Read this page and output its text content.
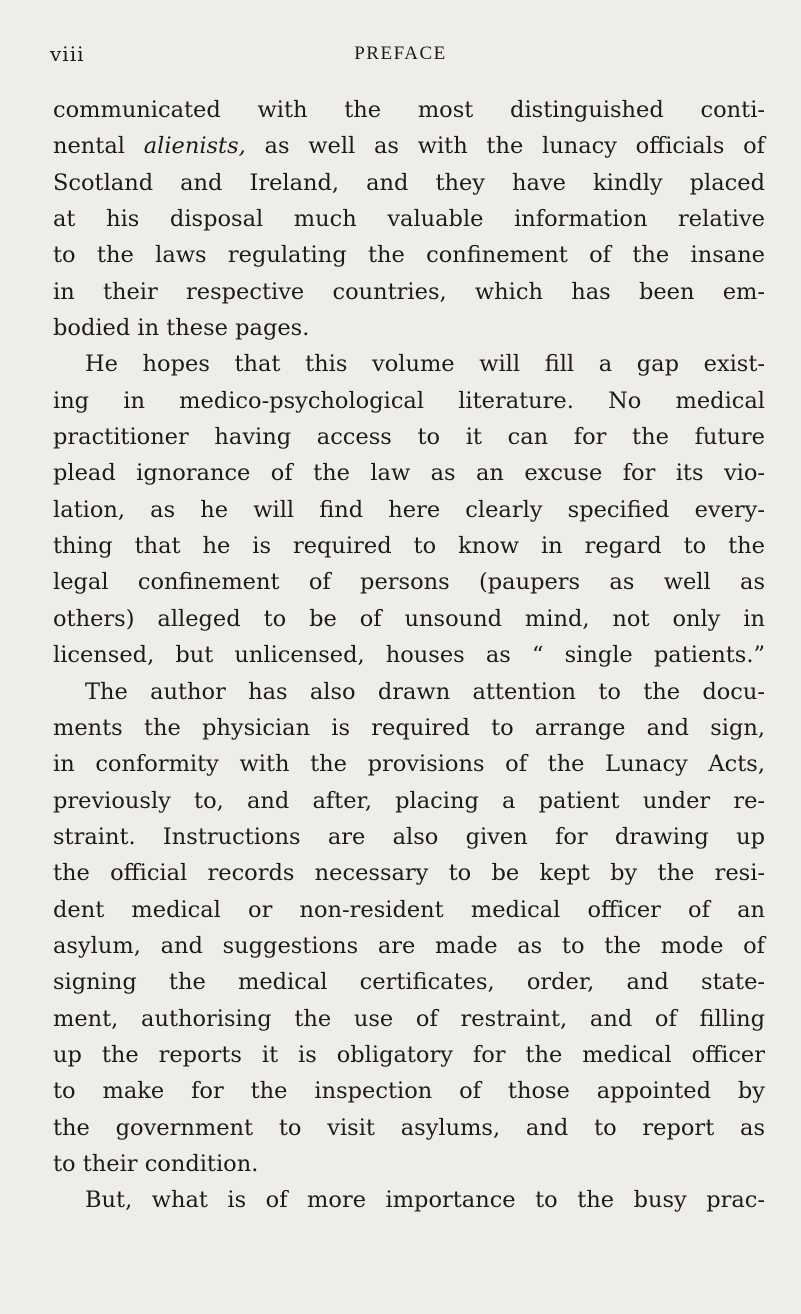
viii	PREFACE
communicated with the most distinguished conti-
nental alienists, as well as with the lunacy officials of
Scotland and Ireland, and they have kindly placed
at his disposal much valuable information relative
to the laws regulating the confinement of the insane
in their respective countries, which has been em-
bodied in these pages.
He hopes that this volume will fill a gap exist-
ing in medico-psychological literature. No medical
practitioner having access to it can for the future
plead ignorance of the law as an excuse for its vio-
lation, as he will find here clearly specified every-
thing that he is required to know in regard to the
legal confinement of persons (paupers as well as
others) alleged to be of unsound mind, not only in
licensed, but unlicensed, houses as “ single patients.”
The author has also drawn attention to the docu-
ments the physician is required to arrange and sign,
in conformity with the provisions of the Lunacy Acts,
previously to, and after, placing a patient under re-
straint. Instructions are also given for drawing up
the official records necessary to be kept by the resi-
dent medical or non-resident medical officer of an
asylum, and suggestions are made as to the mode of
signing the medical certificates, order, and state-
ment, authorising the use of restraint, and of filling
up the reports it is obligatory for the medical officer
to make for the inspection of those appointed by
the government to visit asylums, and to report as
to their condition.
But, what is of more importance to the busy prac-
